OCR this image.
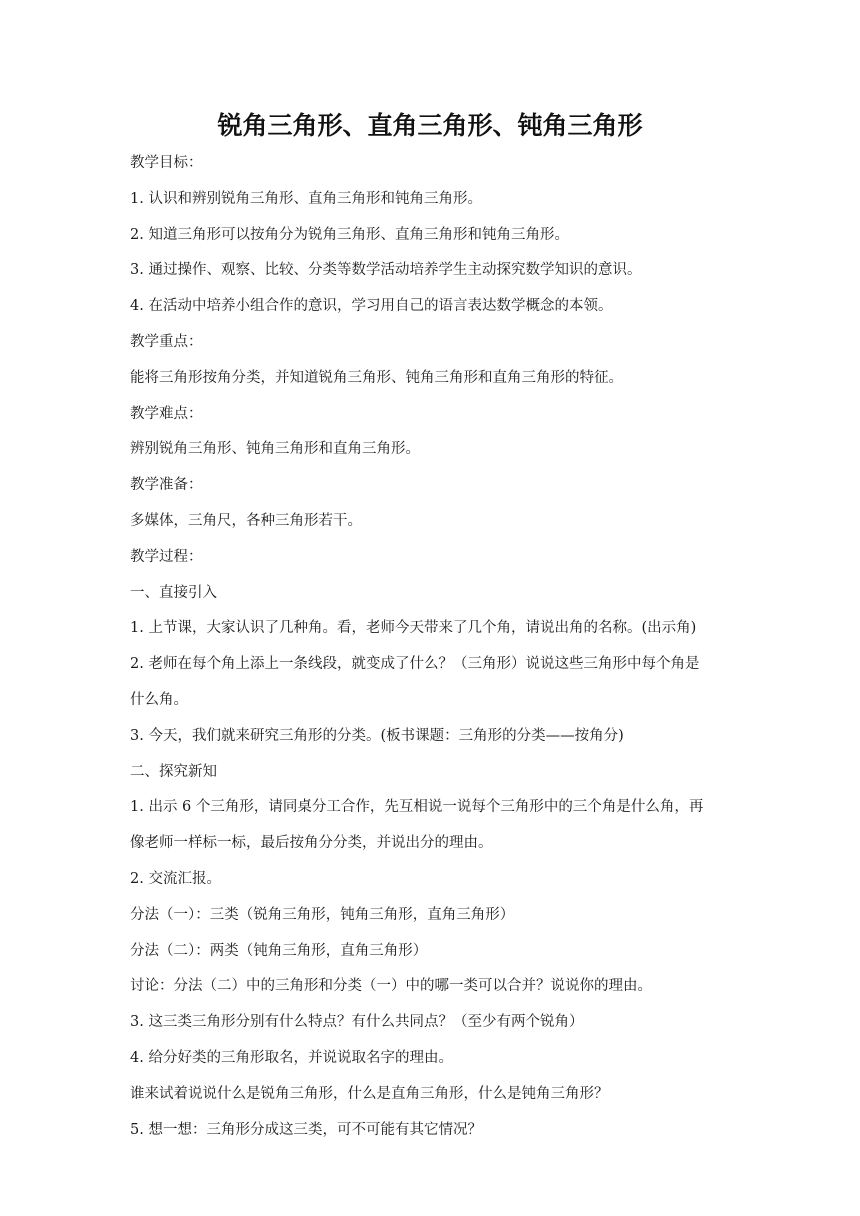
锐角三角形、直角三角形、钝角三角形

教学目标：

1. 认识和辨别锐角三角形、直角三角形和钝角三角形。

2. 知道三角形可以按角分为锐角三角形、直角三角形和钝角三角形。

3. 通过操作、观察、比较、分类等数学活动培养学生主动探究数学知识的意识。

4. 在活动中培养小组合作的意识，学习用自己的语言表达数学概念的本领。

教学重点：

能将三角形按角分类，并知道锐角三角形、钝角三角形和直角三角形的特征。

教学难点：

辨别锐角三角形、钝角三角形和直角三角形。

教学准备：

多媒体，三角尺，各种三角形若干。

教学过程：

一、直接引入

1. 上节课，大家认识了几种角。看，老师今天带来了几个角，请说出角的名称。(出示角)

2. 老师在每个角上添上一条线段，就变成了什么？（三角形）说说这些三角形中每个角是

什么角。

3. 今天，我们就来研究三角形的分类。(板书课题：三角形的分类——按角分)

二、探究新知

1. 出示 6 个三角形，请同桌分工合作，先互相说一说每个三角形中的三个角是什么角，再

像老师一样标一标，最后按角分分类，并说出分的理由。

2. 交流汇报。

分法（一）：三类（锐角三角形，钝角三角形，直角三角形）

分法（二）：两类（钝角三角形，直角三角形）

讨论：分法（二）中的三角形和分类（一）中的哪一类可以合并？说说你的理由。

3. 这三类三角形分别有什么特点？有什么共同点？（至少有两个锐角）

4. 给分好类的三角形取名，并说说取名字的理由。

谁来试着说说什么是锐角三角形，什么是直角三角形，什么是钝角三角形？

5. 想一想：三角形分成这三类，可不可能有其它情况？
